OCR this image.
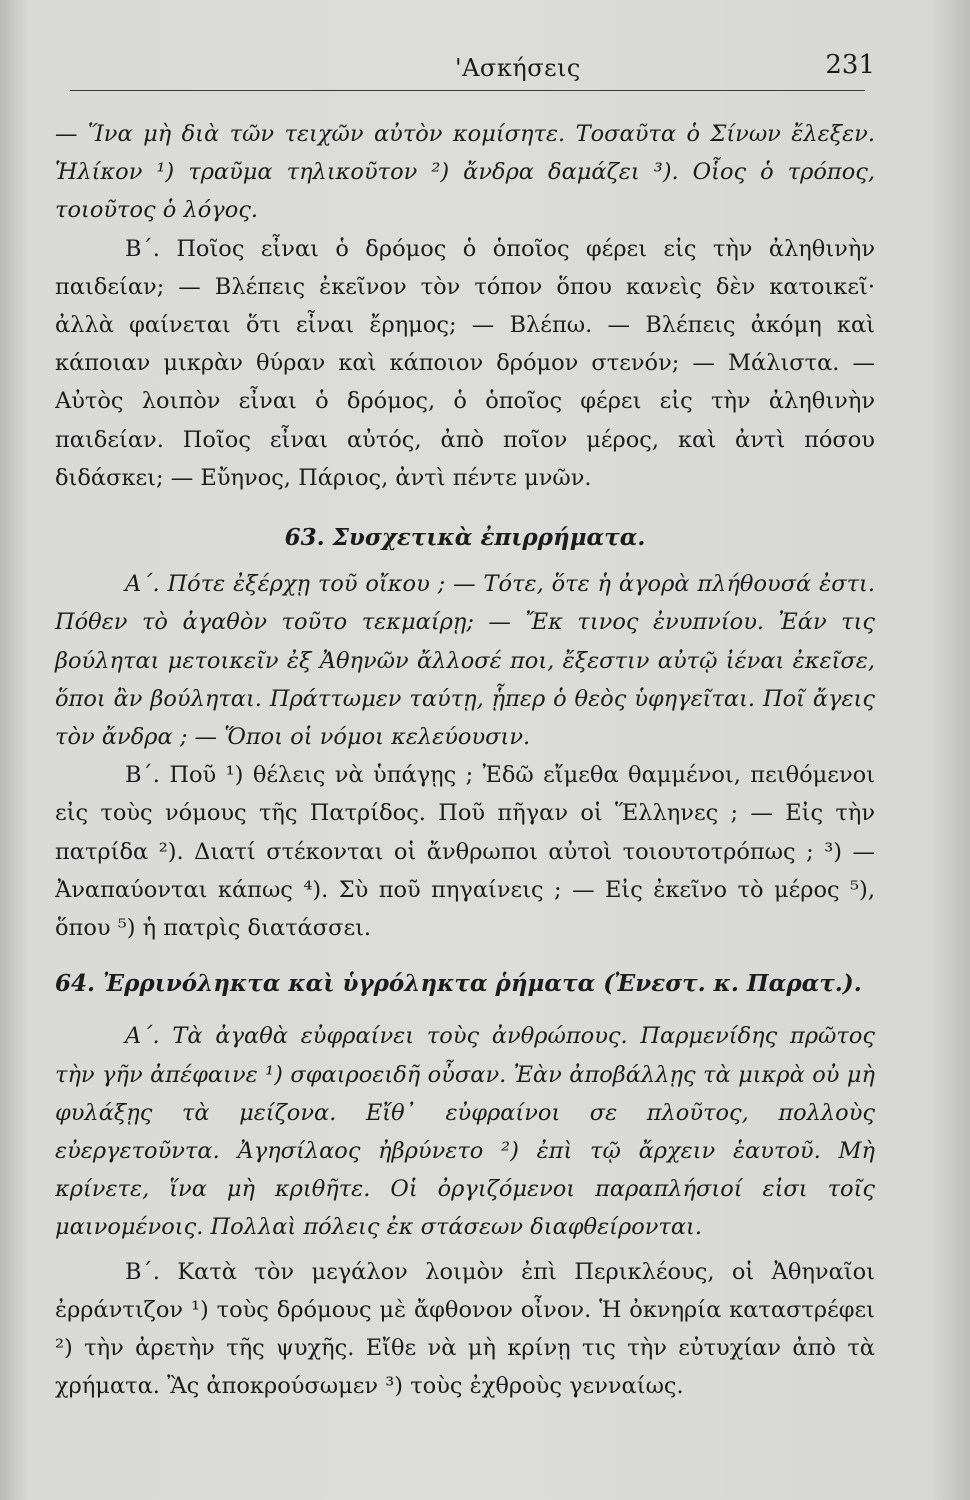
'Ασκήσεις	231

— Ἵνα μὴ διὰ τῶν τειχῶν αὐτὸν κομίσητε. Τοσαῦτα ὁ Σίνων ἔλεξεν. Ἡλίκον ¹) τραῦμα τηλικοῦτον ²) ἄνδρα δαμάζει ³). Οἷος ὁ τρόπος, τοιοῦτος ὁ λόγος.

Β΄. Ποῖος εἶναι ὁ δρόμος ὁ ὁποῖος φέρει εἰς τὴν ἀληθινὴν παιδείαν; — Βλέπεις ἐκεῖνον τὸν τόπον ὅπου κανεὶς δὲν κατοικεῖ· ἀλλὰ φαίνεται ὅτι εἶναι ἔρημος; — Βλέπω. — Βλέπεις ἀκόμη καὶ κάποιαν μικρὰν θύραν καὶ κάποιον δρόμον στενόν; — Μάλιστα. — Αὐτὸς λοιπὸν εἶναι ὁ δρόμος, ὁ ὁποῖος φέρει εἰς τὴν ἀληθινὴν παιδείαν. Ποῖος εἶναι αὐτός, ἀπὸ ποῖον μέρος, καὶ ἀντὶ πόσου διδάσκει; — Εὔηνος, Πάριος, ἀντὶ πέντε μνῶν.

63. Συσχετικὰ ἐπιρρήματα.

Α΄. Πότε ἐξέρχῃ τοῦ οἴκου ; — Τότε, ὅτε ἡ ἀγορὰ πλήθουσά ἐστι. Πόθεν τὸ ἀγαθὸν τοῦτο τεκμαίρῃ; — Ἔκ τινος ἐνυπνίου. Ἐάν τις βούληται μετοικεῖν ἐξ Ἀθηνῶν ἄλλοσέ ποι, ἔξεστιν αὐτῷ ἰέναι ἐκεῖσε, ὅποι ἂν βούληται. Πράττωμεν ταύτῃ, ᾗπερ ὁ θεὸς ὑφηγεῖται. Ποῖ ἄγεις τὸν ἄνδρα ; — Ὅποι οἱ νόμοι κελεύουσιν.

Β΄. Ποῦ ¹) θέλεις νὰ ὑπάγῃς ; Ἐδῶ εἴμεθα θαμμένοι, πειθόμενοι εἰς τοὺς νόμους τῆς Πατρίδος. Ποῦ πῆγαν οἱ Ἕλληνες ; — Εἰς τὴν πατρίδα ²). Διατί στέκονται οἱ ἄνθρωποι αὐτοὶ τοιουτοτρόπως ; ³) — Ἀναπαύονται κάπως ⁴). Σὺ ποῦ πηγαίνεις ; — Εἰς ἐκεῖνο τὸ μέρος ⁵), ὅπου ⁵) ἡ πατρὶς διατάσσει.

64. Ἐρρινόληκτα καὶ ὑγρόληκτα ῥήματα (Ἐνεστ. κ. Παρατ.).

Α΄. Τὰ ἀγαθὰ εὐφραίνει τοὺς ἀνθρώπους. Παρμενίδης πρῶτος τὴν γῆν ἀπέφαινε ¹) σφαιροειδῆ οὖσαν. Ἐὰν ἀποβάλλῃς τὰ μικρὰ οὐ μὴ φυλάξῃς τὰ μείζονα. Εἴθ᾽ εὐφραίνοι σε πλοῦτος, πολλοὺς εὐεργετοῦντα. Ἀγησίλαος ἠβρύνετο ²) ἐπὶ τῷ ἄρχειν ἑαυτοῦ. Μὴ κρίνετε, ἵνα μὴ κριθῆτε. Οἱ ὀργιζόμενοι παραπλήσιοί εἰσι τοῖς μαινομένοις. Πολλαὶ πόλεις ἐκ στάσεων διαφθείρονται.

Β΄. Κατὰ τὸν μεγάλον λοιμὸν ἐπὶ Περικλέους, οἱ Ἀθηναῖοι ἐρράντιζον ¹) τοὺς δρόμους μὲ ἄφθονον οἶνον. Ἡ ὀκνηρία καταστρέφει ²) τὴν ἀρετὴν τῆς ψυχῆς. Εἴθε νὰ μὴ κρίνῃ τις τὴν εὐτυχίαν ἀπὸ τὰ χρήματα. Ἂς ἀποκρούσωμεν ³) τοὺς ἐχθροὺς γενναίως.
